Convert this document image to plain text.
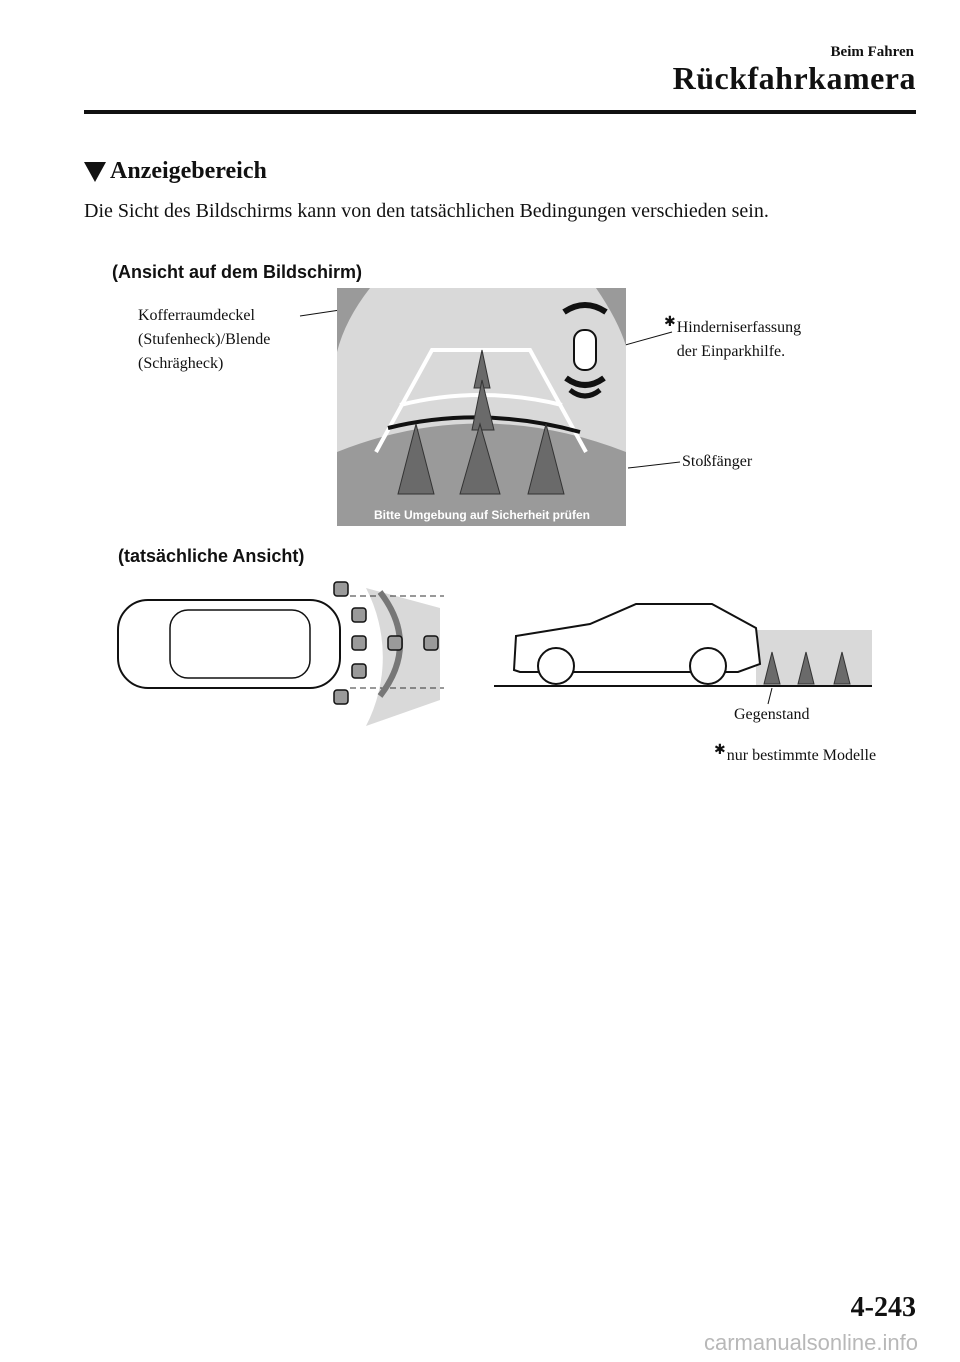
Beim Fahren
Rückfahrkamera
Anzeigebereich
Die Sicht des Bildschirms kann von den tatsächlichen Bedingungen verschieden sein.
(Ansicht auf dem Bildschirm)
Kofferraumdeckel
(Stufenheck)/Blende
(Schrägheck)
✱ Hinderniserfassung
der Einparkhilfe.
Stoßfänger
Bitte Umgebung auf Sicherheit prüfen
(tatsächliche Ansicht)
Gegenstand
✱ nur bestimmte Modelle
4-243
carmanualsonline.info
